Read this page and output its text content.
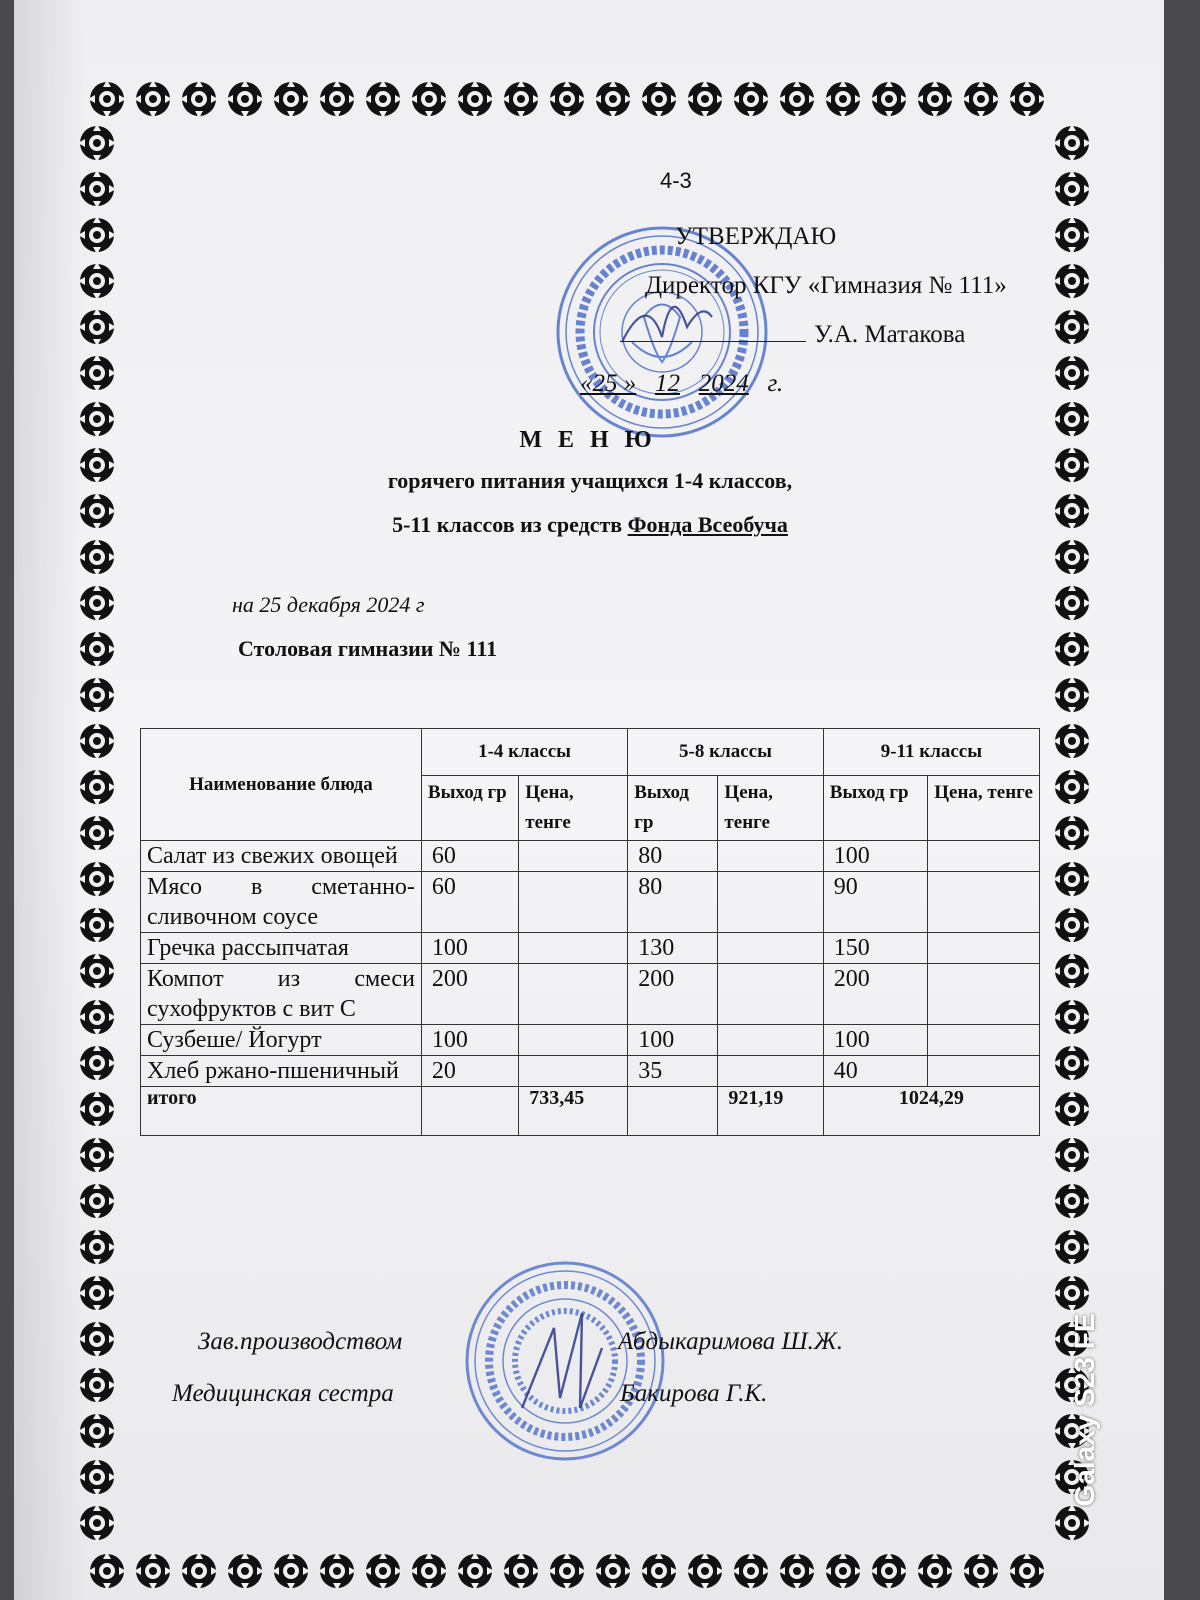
4-3
УТВЕРЖДАЮ
Директор КГУ «Гимназия № 111»
У.А. Матакова
«25 » 12 2024 г.
М Е Н Ю
горячего питания учащихся 1-4 классов,
5-11 классов из средств Фонда Всеобуча
на 25 декабря 2024 г
Столовая гимназии № 111
Наименование блюда	1-4 классы		5-8 классы		9-11 классы	
	Выход гр	Цена, тенге	Выход гр	Цена, тенге	Выход гр	Цена, тенге
Салат из свежих овощей	60		80		100	
Мясо в сметанно-сливочном соусе	60		80		90	
Гречка рассыпчатая	100		130		150	
Компот из смеси сухофруктов с вит С	200		200		200	
Сузбеше/ Йогурт	100		100		100	
Хлеб ржано-пшеничный	20		35		40	
итого		733,45		921,19	1024,29	
Зав.производством	Абдыкаримова Ш.Ж.
Медицинская сестра	Бакирова Г.К.	Galaxy S23 FE
